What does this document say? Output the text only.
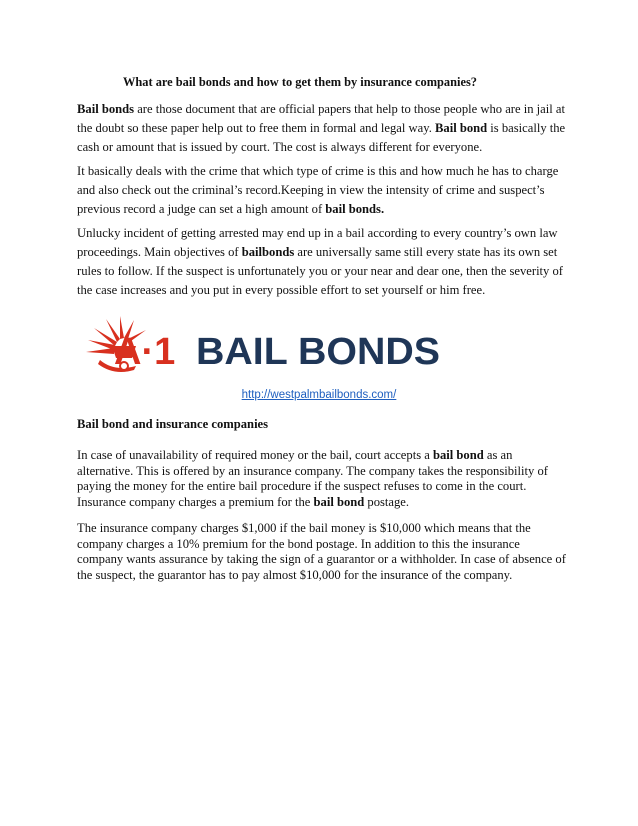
What are bail bonds and how to get them by insurance companies?

Bail bonds are those document that are official papers that help to those people who are in jail at the doubt so these paper help out to free them in formal and legal way. Bail bond is basically the cash or amount that is issued by court. The cost is always different for everyone.

It basically deals with the crime that which type of crime is this and how much he has to charge and also check out the criminal’s record.Keeping in view the intensity of crime and suspect’s previous record a judge can set a high amount of bail bonds.

Unlucky incident of getting arrested may end up in a bail according to every country’s own law proceedings. Main objectives of bailbonds are universally same still every state has its own set rules to follow. If the suspect is unfortunately you or your near and dear one, then the severity of the case increases and you put in every possible effort to set yourself or him free.

A·1 BAIL BONDS
http://westpalmbailbonds.com/
Bail bond and insurance companies

In case of unavailability of required money or the bail, court accepts a bail bond as an alternative. This is offered by an insurance company. The company takes the responsibility of paying the money for the entire bail procedure if the suspect refuses to come in the court. Insurance company charges a premium for the bail bond postage.

The insurance company charges $1,000 if the bail money is $10,000 which means that the company charges a 10% premium for the bond postage. In addition to this the insurance company wants assurance by taking the sign of a guarantor or a withholder. In case of absence of the suspect, the guarantor has to pay almost $10,000 for the insurance of the company.
